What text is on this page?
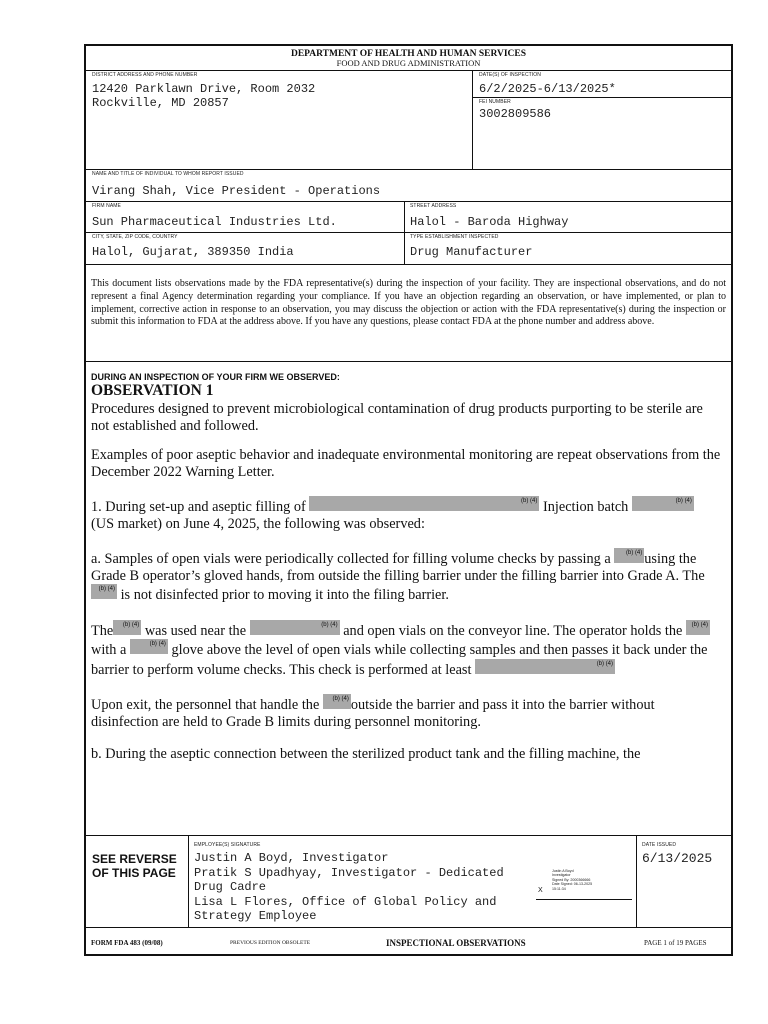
DEPARTMENT OF HEALTH AND HUMAN SERVICES
FOOD AND DRUG ADMINISTRATION
DISTRICT ADDRESS AND PHONE NUMBER
12420 Parklawn Drive, Room 2032
Rockville, MD 20857
DATE(S) OF INSPECTION
6/2/2025-6/13/2025*
FEI NUMBER
3002809586
NAME AND TITLE OF INDIVIDUAL TO WHOM REPORT ISSUED
Virang Shah, Vice President - Operations
FIRM NAME
Sun Pharmaceutical Industries Ltd.
STREET ADDRESS
Halol - Baroda Highway
CITY, STATE, ZIP CODE, COUNTRY
Halol, Gujarat, 389350 India
TYPE ESTABLISHMENT INSPECTED
Drug Manufacturer
This document lists observations made by the FDA representative(s) during the inspection of your facility. They are inspectional observations, and do not represent a final Agency determination regarding your compliance. If you have an objection regarding an observation, or have implemented, or plan to implement, corrective action in response to an observation, you may discuss the objection or action with the FDA representative(s) during the inspection or submit this information to FDA at the address above. If you have any questions, please contact FDA at the phone number and address above.
DURING AN INSPECTION OF YOUR FIRM WE OBSERVED:
OBSERVATION 1

Procedures designed to prevent microbiological contamination of drug products purporting to be sterile are not established and followed.

Examples of poor aseptic behavior and inadequate environmental monitoring are repeat observations from the December 2022 Warning Letter.

1. During set-up and aseptic filling of	(b) (4) Injection batch	(b) (4)

(US market) on June 4, 2025, the following was observed:

a. Samples of open vials were periodically collected for filling volume checks by passing a	(b) (4) using the Grade B operator’s gloved hands, from outside the filling barrier under the filling barrier into Grade A. The
(b) (4) is not disinfected prior to moving it into the filing barrier.

The (b) (4) was used near the	(b) (4) and open vials on the conveyor line. The operator holds the (b) (4)
with a	(b) (4) glove above the level of open vials while collecting samples and then passes it back under the barrier to perform volume checks. This check is performed at least	(b) (4)

Upon exit, the personnel that handle the (b) (4) outside the barrier and pass it into the barrier without disinfection are held to Grade B limits during personnel monitoring.

b. During the aseptic connection between the sterilized product tank and the filling machine, the

SEE REVERSE
OF THIS PAGE
EMPLOYEE(S) SIGNATURE
Justin A Boyd, Investigator
Pratik S Upadhyay, Investigator - Dedicated
Drug Cadre
Lisa L Flores, Office of Global Policy and
Strategy Employee
Justin A Boyd
Investigator
Signed By: 2000366666
Date Signed: 06-13-2025
15:11:34
X
DATE ISSUED
6/13/2025
FORM FDA 483 (09/08)	PREVIOUS EDITION OBSOLETE	INSPECTIONAL OBSERVATIONS	PAGE 1 of 19 PAGES
